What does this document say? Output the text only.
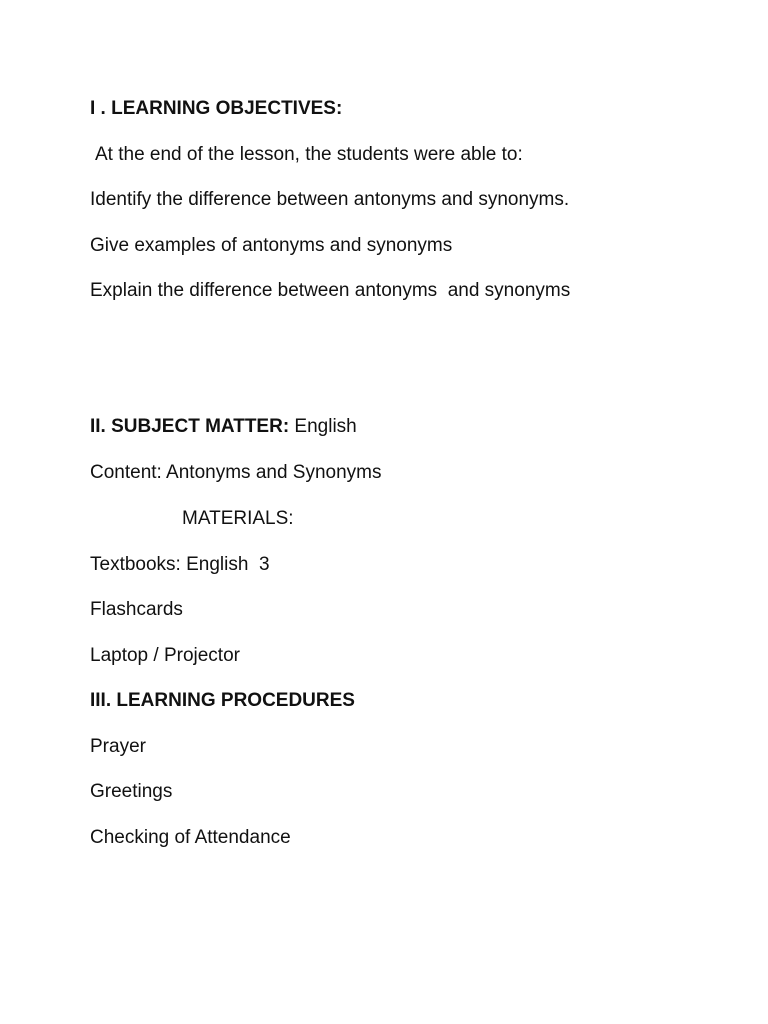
I . LEARNING OBJECTIVES:
At the end of the lesson, the students were able to:
Identify the difference between antonyms and synonyms.
Give examples of antonyms and synonyms
Explain the difference between antonyms  and synonyms
II. SUBJECT MATTER: English
Content: Antonyms and Synonyms
MATERIALS:
Textbooks: English  3
Flashcards
Laptop / Projector
III. LEARNING PROCEDURES
Prayer
Greetings
Checking of Attendance
